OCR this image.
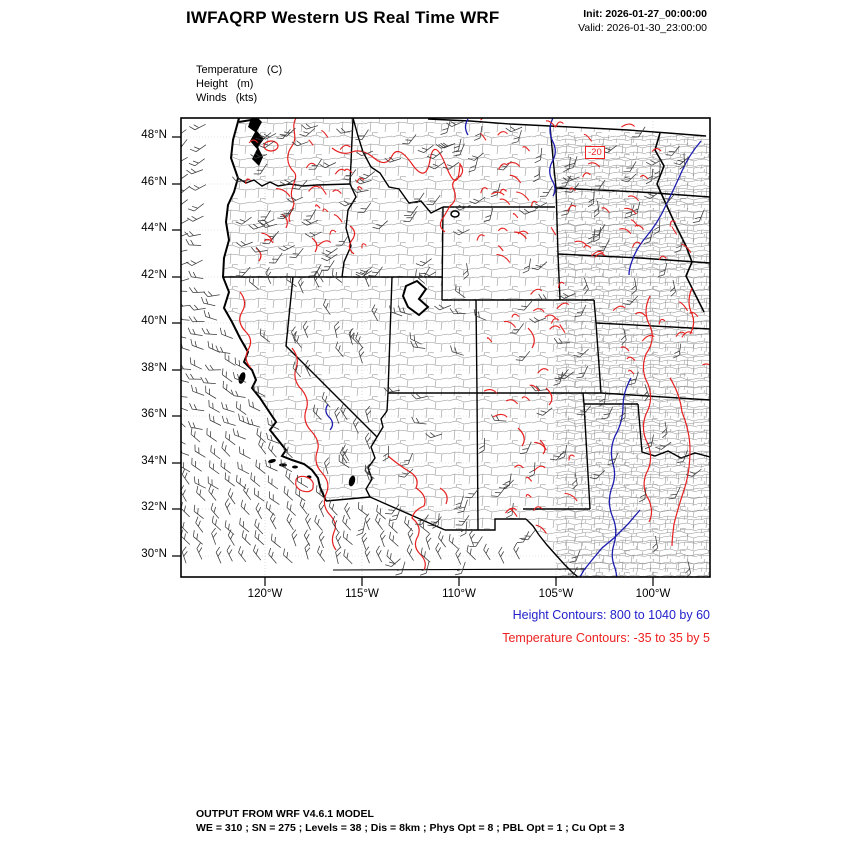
IWFAQRP Western US Real Time WRF	Init: 2026-01-27_00:00:00
Valid: 2026-01-30_23:00:00
Temperature   (C)
Height   (m)
Winds   (kts)
48°N
46°N
44°N
42°N
40°N
38°N
36°N
34°N
32°N
30°N
120°W	115°W	110°W	105°W	100°W
Height Contours: 800 to 1040 by 60
Temperature Contours: -35 to 35 by 5
OUTPUT FROM WRF V4.6.1 MODEL
WE = 310 ; SN = 275 ; Levels = 38 ; Dis = 8km ; Phys Opt = 8 ; PBL Opt = 1 ; Cu Opt = 3
-20
